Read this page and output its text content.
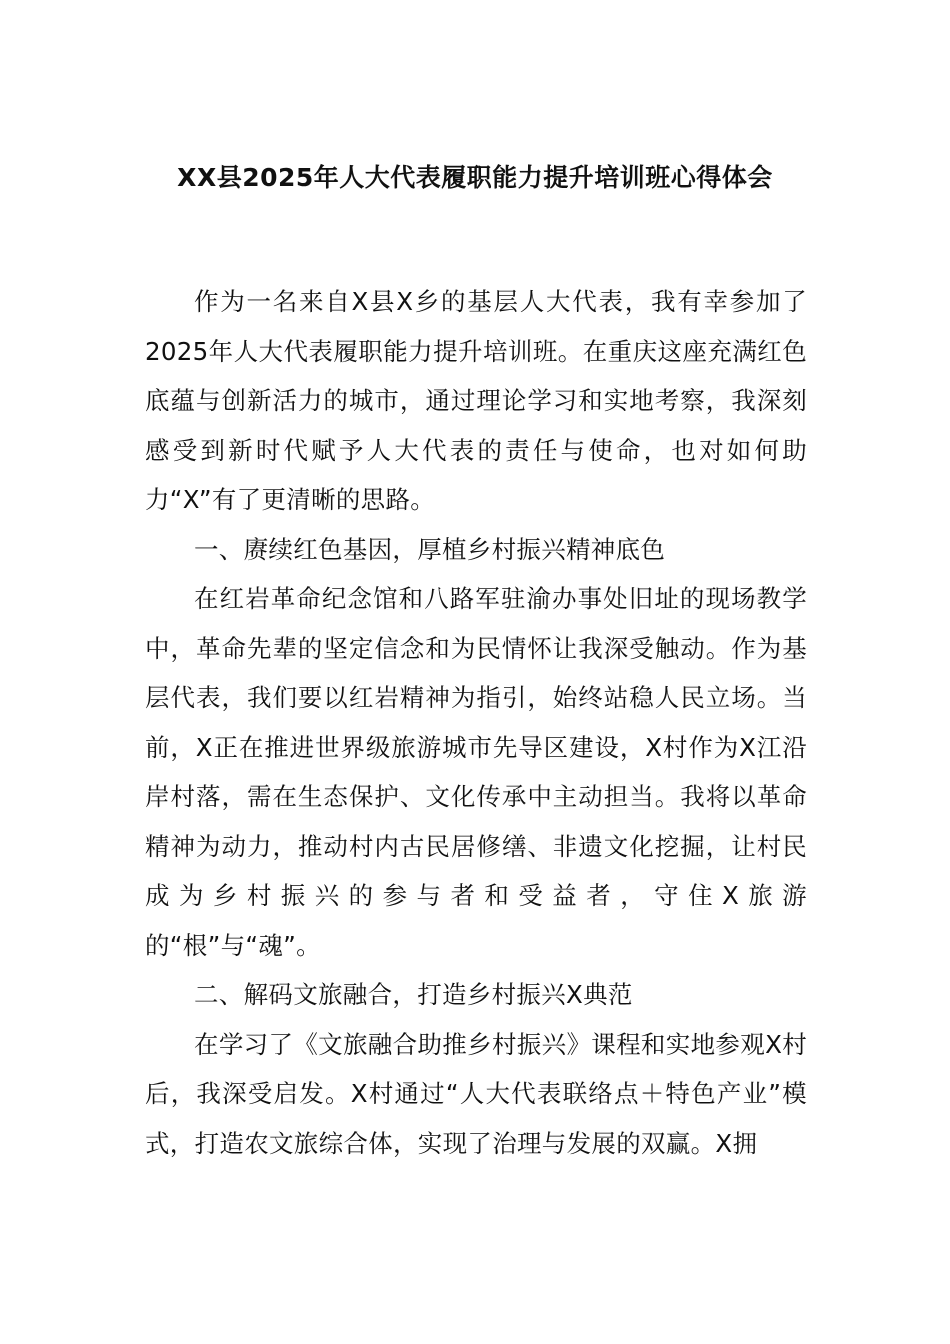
XX县2025年人大代表履职能力提升培训班心得体会

作为一名来自X县X乡的基层人大代表，我有幸参加了2025年人大代表履职能力提升培训班。在重庆这座充满红色底蕴与创新活力的城市，通过理论学习和实地考察，我深刻感受到新时代赋予人大代表的责任与使命，也对如何助力“X”有了更清晰的思路。

一、赓续红色基因，厚植乡村振兴精神底色

在红岩革命纪念馆和八路军驻渝办事处旧址的现场教学中，革命先辈的坚定信念和为民情怀让我深受触动。作为基层代表，我们要以红岩精神为指引，始终站稳人民立场。当前，X正在推进世界级旅游城市先导区建设，X村作为X江沿岸村落，需在生态保护、文化传承中主动担当。我将以革命精神为动力，推动村内古民居修缮、非遗文化挖掘，让村民成为乡村振兴的参与者和受益者，守住X旅游的“根”与“魂”。

二、解码文旅融合，打造乡村振兴X典范

在学习了《文旅融合助推乡村振兴》课程和实地参观X村后，我深受启发。X村通过“人大代表联络点＋特色产业”模式，打造农文旅综合体，实现了治理与发展的双赢。X拥
